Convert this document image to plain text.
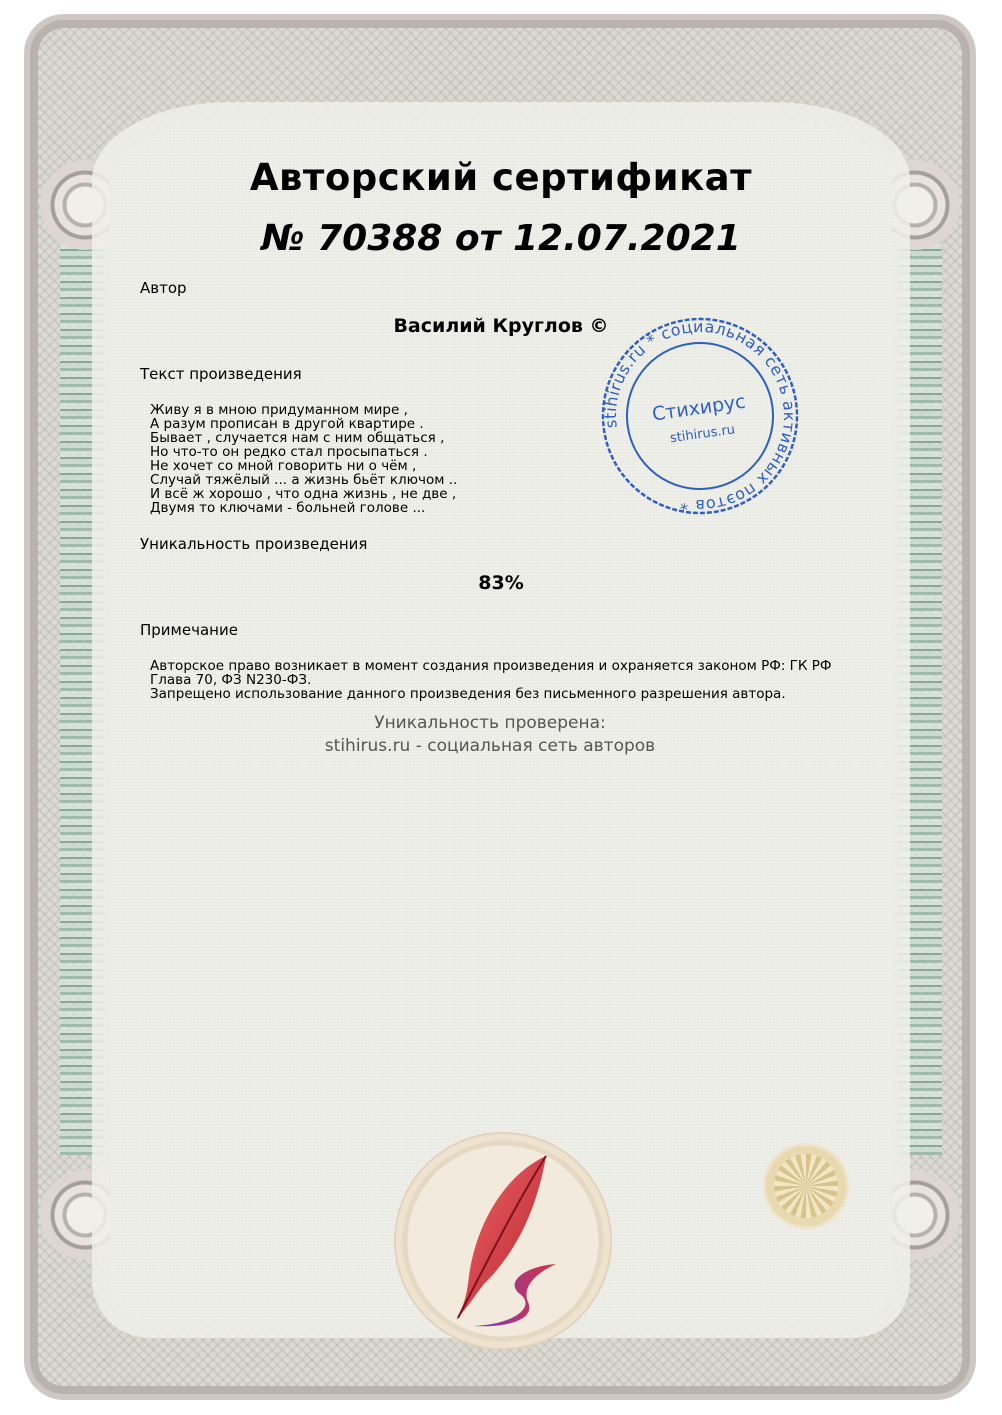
Авторский сертификат
№ 70388 от 12.07.2021
Автор
Василий Круглов ©
Текст произведения
Живу я в мною придуманном мире ,
А разум прописан в другой квартире .
Бывает , случается нам с ним общаться ,
Но что-то он редко стал просыпаться .
Не хочет со мной говорить ни о чём ,
Случай тяжёлый ... а жизнь бьёт ключом ..
И всё ж хорошо , что одна жизнь , не две ,
Двумя то ключами - больней голове ...
Уникальность произведения
83%
Примечание
Авторское право возникает в момент создания произведения и охраняется законом РФ: ГК РФ Глава 70, ФЗ N230-ФЗ.
Запрещено использование данного произведения без письменного разрешения автора.
Уникальность проверена:
stihirus.ru - социальная сеть авторов
stihirus.ru * социальная сеть активных поэтов *
Стихирус
stihirus.ru
